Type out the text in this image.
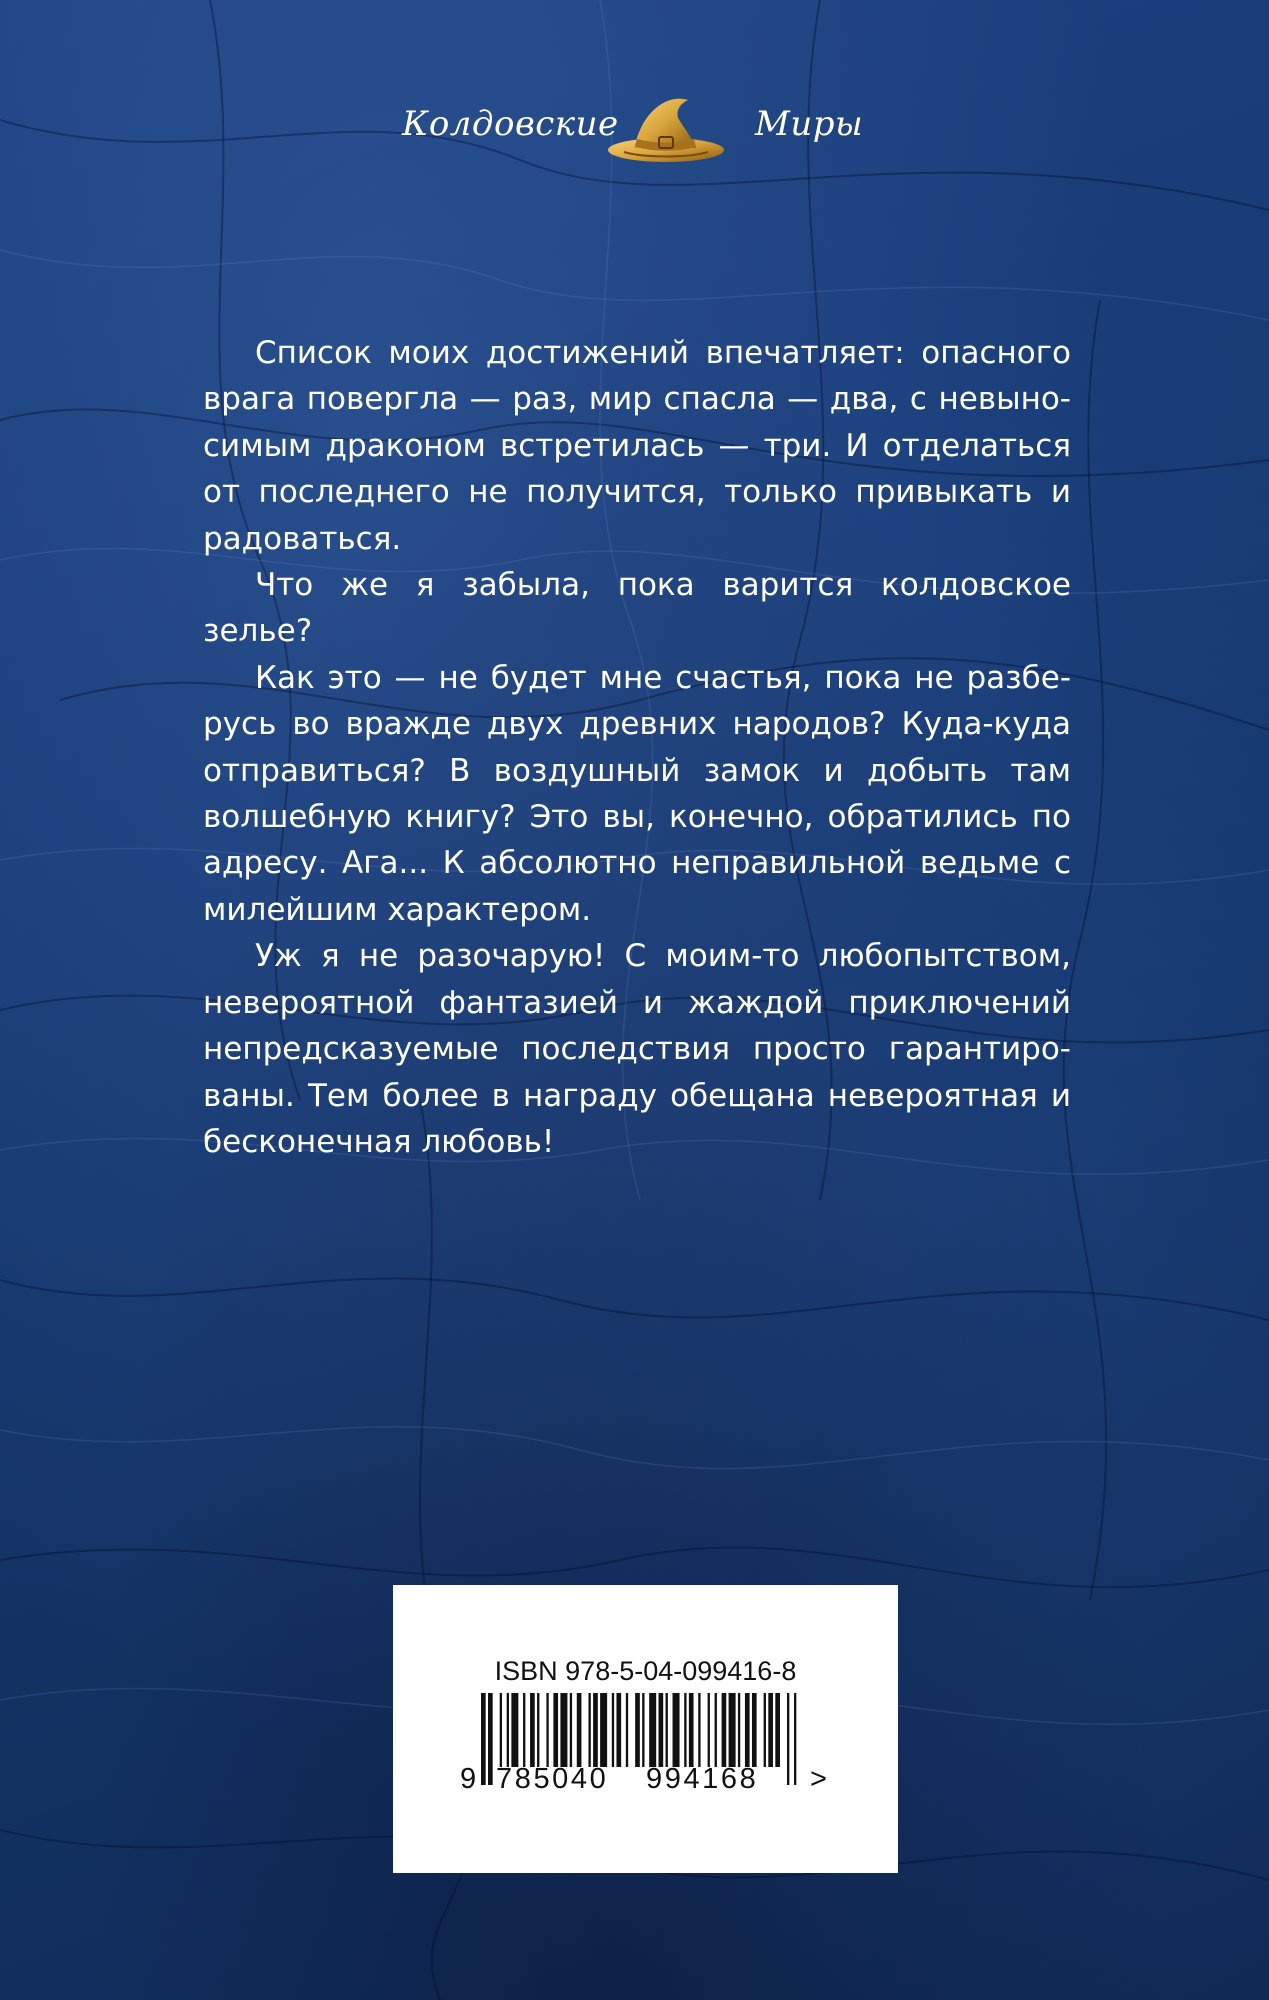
Колдовские	Миры

Список моих достижений впечатляет: опасного врага повергла — раз, мир спасла — два, с невыно-симым драконом встретилась — три. И отделаться от последнего не получится, только привыкать и радоваться.

Что же я забыла, пока варится колдовское зелье?

Как это — не будет мне счастья, пока не разбе-русь во вражде двух древних народов? Куда-куда отправиться? В воздушный замок и добыть там волшебную книгу? Это вы, конечно, обратились по адресу. Ага... К абсолютно неправильной ведьме с милейшим характером.

Уж я не разочарую! С моим-то любопытством, невероятной фантазией и жаждой приключений непредсказуемые последствия просто гарантиро-ваны. Тем более в награду обещана невероятная и бесконечная любовь!

ISBN 978-5-04-099416-8
9 785040 994168 >
